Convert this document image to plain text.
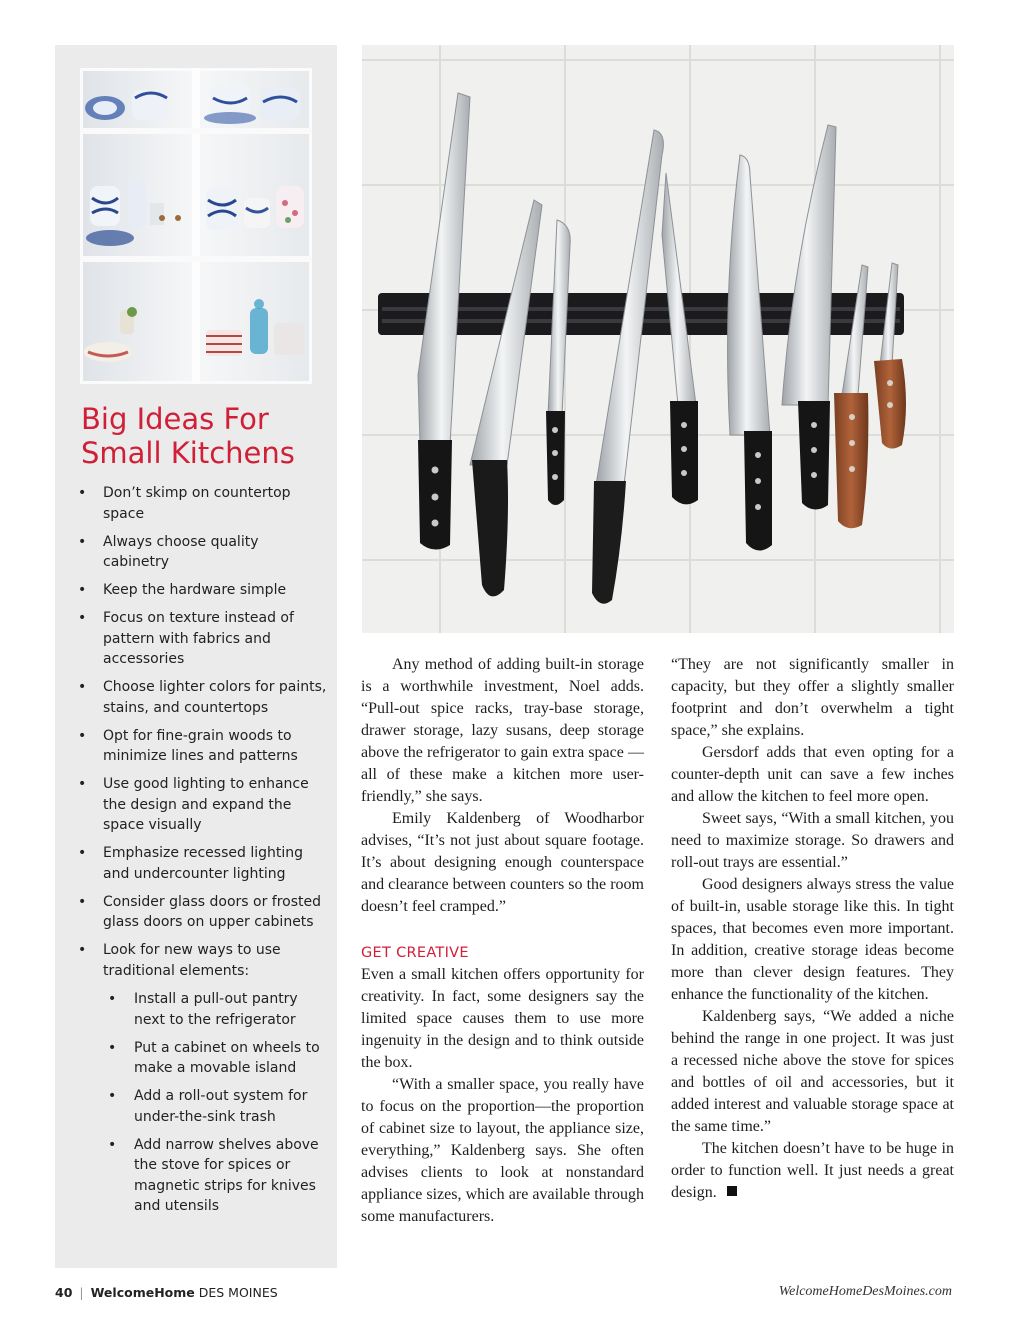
Big Ideas For
Small Kitchens
• Don’t skimp on countertop space
• Always choose quality cabinetry
• Keep the hardware simple
• Focus on texture instead of pattern with fabrics and accessories
• Choose lighter colors for paints, stains, and countertops
• Opt for fine-grain woods to minimize lines and patterns
• Use good lighting to enhance the design and expand the space visually
• Emphasize recessed lighting and undercounter lighting
• Consider glass doors or frosted glass doors on upper cabinets
• Look for new ways to use traditional elements:
• Install a pull-out pantry next to the refrigerator
• Put a cabinet on wheels to make a movable island
• Add a roll-out system for under-the-sink trash
• Add narrow shelves above the stove for spices or magnetic strips for knives and utensils

Any method of adding built-in storage is a worthwhile investment, Noel adds. “Pull-out spice racks, tray-base storage, drawer storage, lazy susans, deep storage above the refrigerator to gain extra space —all of these make a kitchen more user-friendly,” she says.

Emily Kaldenberg of Woodharbor advises, “It’s not just about square footage. It’s about designing enough counterspace and clearance between counters so the room doesn’t feel cramped.”

GET CREATIVE

Even a small kitchen offers opportunity for creativity. In fact, some designers say the limited space causes them to use more ingenuity in the design and to think outside the box.

“With a smaller space, you really have to focus on the proportion—the proportion of cabinet size to layout, the appliance size, everything,” Kaldenberg says. She often advises clients to look at nonstandard appliance sizes, which are available through some manufacturers.

“They are not significantly smaller in capacity, but they offer a slightly smaller footprint and don’t overwhelm a tight space,” she explains.

Gersdorf adds that even opting for a counter-depth unit can save a few inches and allow the kitchen to feel more open.

Sweet says, “With a small kitchen, you need to maximize storage. So drawers and roll-out trays are essential.”

Good designers always stress the value of built-in, usable storage like this. In tight spaces, that becomes even more important. In addition, creative storage ideas become more than clever design features. They enhance the functionality of the kitchen.

Kaldenberg says, “We added a niche behind the range in one project. It was just a recessed niche above the stove for spices and bottles of oil and accessories, but it added interest and valuable storage space at the same time.”

The kitchen doesn’t have to be huge in order to function well. It just needs a great design.

40 | WelcomeHome DES MOINES	WelcomeHomeDesMoines.com
